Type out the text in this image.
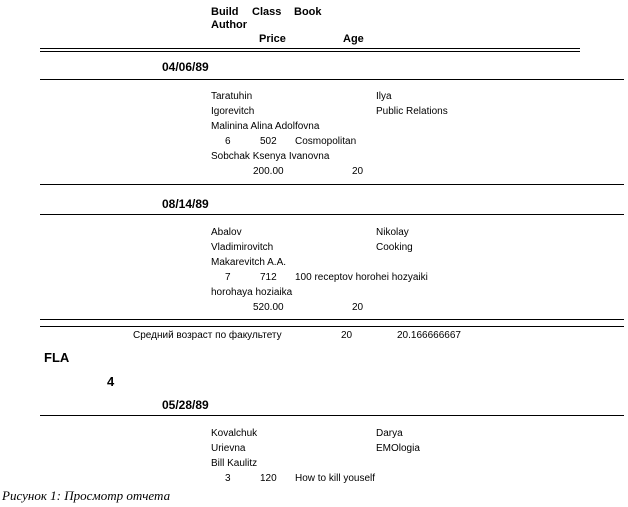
Build Class Book
Author
Price	Age
04/06/89
Taratuhin	Ilya
Igorevitch	Public Relations
Malinina Alina Adolfovna
6	502 Cosmopolitan
Sobchak Ksenya Ivanovna
200.00	20
08/14/89
Abalov	Nikolay
Vladimirovitch	Cooking
Makarevitch A.A.
7	712 100 receptov horohei hozyaiki
horohaya hoziaika
520.00	20
Средний возраст по факультету	20	20.166666667
FLA
4
05/28/89
Kovalchuk	Darya
Urievna	EMOlogia
Bill Kaulitz
3	120 How to kill youself
Рисунок 1: Просмотр отчета
